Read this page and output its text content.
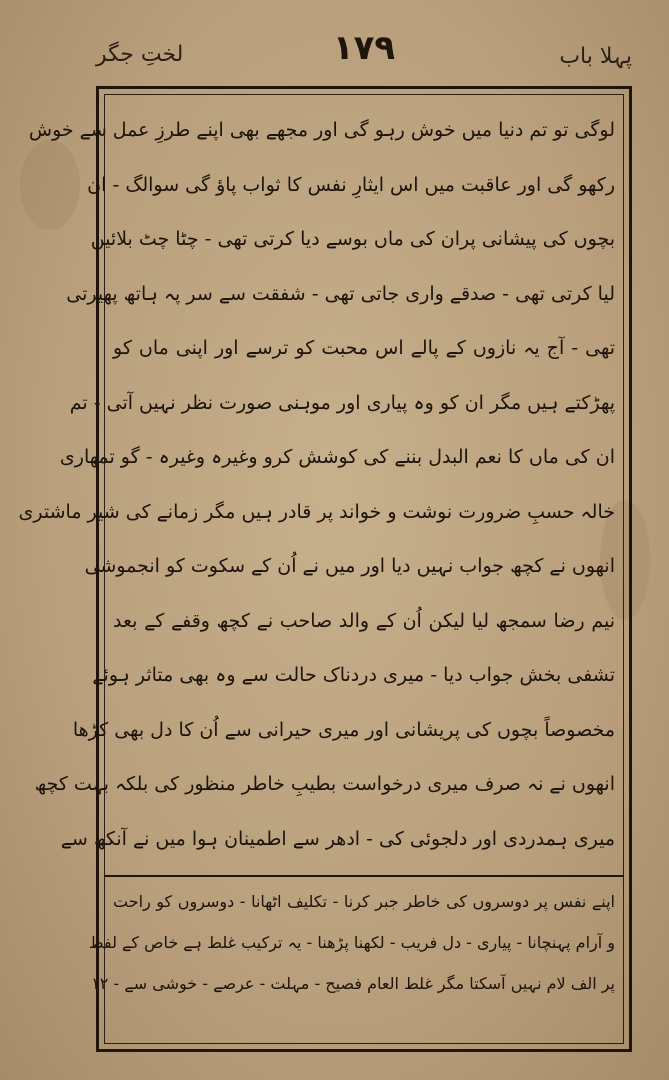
پہلا باب
۱۷۹
لختِ جگر
لوگی تو تم دنیا میں خوش رہو گی اور مجھے بھی اپنے طرزِ عمل سے خوش
رکھو گی اور عاقبت میں اس ایثارِ نفس کا ثواب پاؤ گی سوالگ - ان
بچوں کی پیشانی پران کی ماں بوسے دیا کرتی تھی - چٹا چٹ بلائیں
لیا کرتی تھی - صدقے واری جاتی تھی - شفقت سے سر پہ ہاتھ پھیرتی
تھی - آج یہ نازوں کے پالے اس محبت کو ترسے اور اپنی ماں کو
پھڑکتے ہیں مگر ان کو وہ پیاری اور موہنی صورت نظر نہیں آتی - تم
ان کی ماں کا نعم البدل بننے کی کوشش کرو وغیرہ وغیرہ - گو تمھاری
خالہ حسبِ ضرورت نوشت و خواند پر قادر ہیں مگر زمانے کی شیر ماشتری
انھوں نے کچھ جواب نہیں دیا اور میں نے اُن کے سکوت کو انجموشی
نیم رضا سمجھ لیا لیکن اُن کے والد صاحب نے کچھ وقفے کے بعد
تشفی بخش جواب دیا - میری دردناک حالت سے وہ بھی متاثر ہوئے
مخصوصاً بچوں کی پریشانی اور میری حیرانی سے اُن کا دل بھی کڑھا
انھوں نے نہ صرف میری درخواست بطیبِ خاطر منظور کی بلکہ بہت کچھ
میری ہمدردی اور دلجوئی کی - ادھر سے اطمینان ہوا میں نے آنکھ سے
اپنے نفس پر دوسروں کی خاطر جبر کرنا - تکلیف اٹھانا - دوسروں کو راحت
و آرام پہنچانا - پیاری - دل فریب - لکھنا پڑھنا - یہ ترکیب غلط ہے خاص کے لفظ
پر الف لام نہیں آسکتا مگر غلط العام فصیح - مہلت - عرصے - خوشی سے - ۱۲
